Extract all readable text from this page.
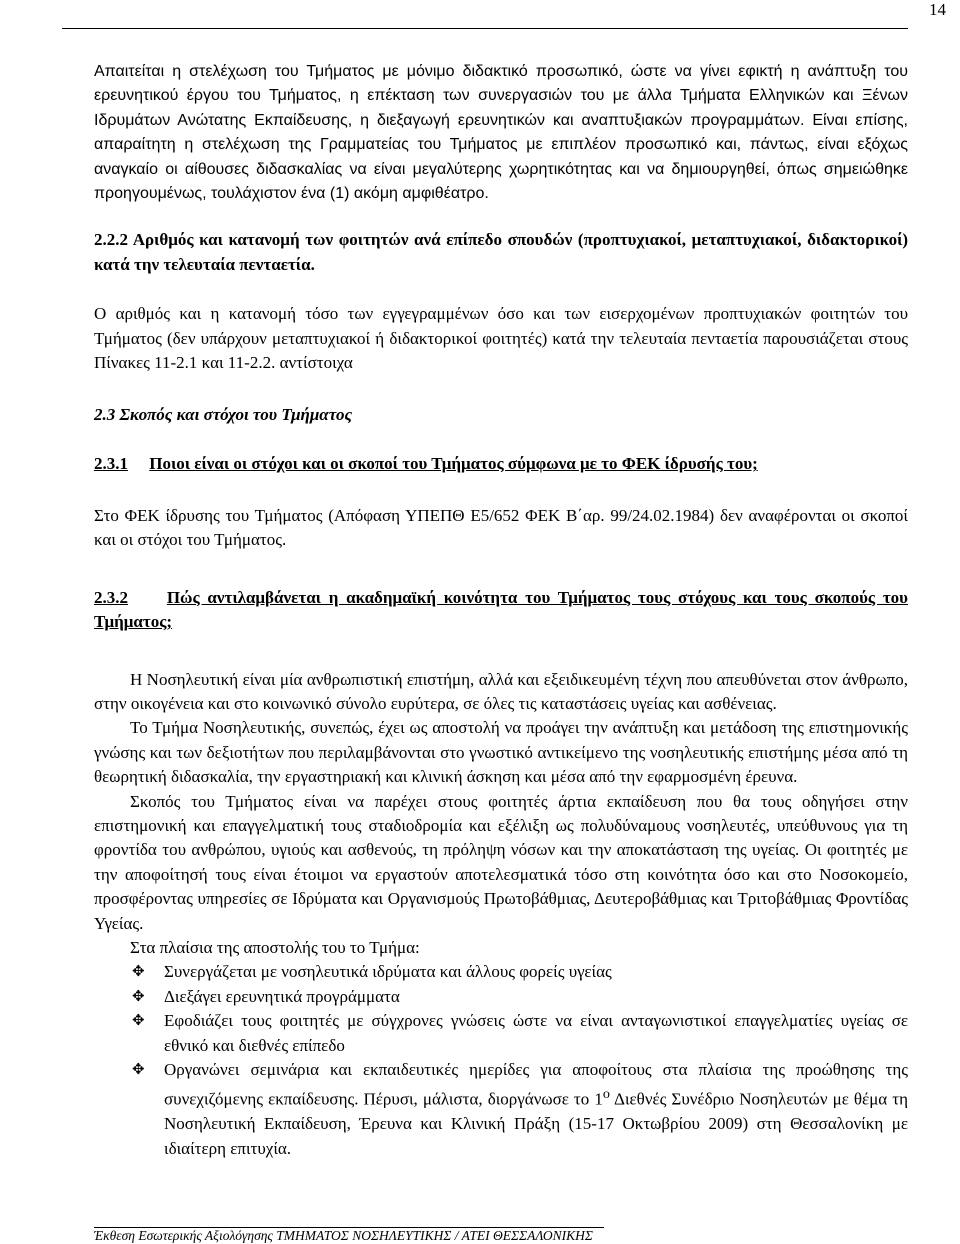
14

Απαιτείται η στελέχωση του Τμήματος με μόνιμο διδακτικό προσωπικό, ώστε να γίνει εφικτή η ανάπτυξη του ερευνητικού έργου του Τμήματος, η επέκταση των συνεργασιών του με άλλα Τμήματα Ελληνικών και Ξένων Ιδρυμάτων Ανώτατης Εκπαίδευσης, η διεξαγωγή ερευνητικών και αναπτυξιακών προγραμμάτων. Είναι επίσης, απαραίτητη η στελέχωση της Γραμματείας του Τμήματος με επιπλέον προσωπικό και, πάντως, είναι εξόχως αναγκαίο οι αίθουσες διδασκαλίας να είναι μεγαλύτερης χωρητικότητας και να δημιουργηθεί, όπως σημειώθηκε προηγουμένως, τουλάχιστον ένα (1) ακόμη αμφιθέατρο.

2.2.2 Αριθμός και κατανομή των φοιτητών ανά επίπεδο σπουδών (προπτυχιακοί, μεταπτυχιακοί, διδακτορικοί) κατά την τελευταία πενταετία.

Ο αριθμός και η κατανομή τόσο των εγγεγραμμένων όσο και των εισερχομένων προπτυχιακών φοιτητών του Τμήματος (δεν υπάρχουν μεταπτυχιακοί ή διδακτορικοί φοιτητές) κατά την τελευταία πενταετία παρουσιάζεται στους Πίνακες 11-2.1 και 11-2.2. αντίστοιχα

2.3 Σκοπός και στόχοι του Τμήματος

2.3.1 Ποιοι είναι οι στόχοι και οι σκοποί του Τμήματος σύμφωνα με το ΦΕΚ ίδρυσής του;

Στο ΦΕΚ ίδρυσης του Τμήματος (Απόφαση ΥΠΕΠΘ Ε5/652 ΦΕΚ Β΄αρ. 99/24.02.1984) δεν αναφέρονται οι σκοποί και οι στόχοι του Τμήματος.

2.3.2 Πώς αντιλαμβάνεται η ακαδημαϊκή κοινότητα του Τμήματος τους στόχους και τους σκοπούς του Τμήματος;

Η Νοσηλευτική είναι μία ανθρωπιστική επιστήμη, αλλά και εξειδικευμένη τέχνη που απευθύνεται στον άνθρωπο, στην οικογένεια και στο κοινωνικό σύνολο ευρύτερα, σε όλες τις καταστάσεις υγείας και ασθένειας.

Το Τμήμα Νοσηλευτικής, συνεπώς, έχει ως αποστολή να προάγει την ανάπτυξη και μετάδοση της επιστημονικής γνώσης και των δεξιοτήτων που περιλαμβάνονται στο γνωστικό αντικείμενο της νοσηλευτικής επιστήμης μέσα από τη θεωρητική διδασκαλία, την εργαστηριακή και κλινική άσκηση και μέσα από την εφαρμοσμένη έρευνα.

Σκοπός του Τμήματος είναι να παρέχει στους φοιτητές άρτια εκπαίδευση που θα τους οδηγήσει στην επιστημονική και επαγγελματική τους σταδιοδρομία και εξέλιξη ως πολυδύναμους νοσηλευτές, υπεύθυνους για τη φροντίδα του ανθρώπου, υγιούς και ασθενούς, τη πρόληψη νόσων και την αποκατάσταση της υγείας. Οι φοιτητές με την αποφοίτησή τους είναι έτοιμοι να εργαστούν αποτελεσματικά τόσο στη κοινότητα όσο και στο Νοσοκομείο, προσφέροντας υπηρεσίες σε Ιδρύματα και Οργανισμούς Πρωτοβάθμιας, Δευτεροβάθμιας και Τριτοβάθμιας Φροντίδας Υγείας.

Στα πλαίσια της αποστολής του το Τμήμα:

✥ Συνεργάζεται με νοσηλευτικά ιδρύματα και άλλους φορείς υγείας
✥ Διεξάγει ερευνητικά προγράμματα
✥ Εφοδιάζει τους φοιτητές με σύγχρονες γνώσεις ώστε να είναι ανταγωνιστικοί επαγγελματίες υγείας σε εθνικό και διεθνές επίπεδο
✥ Οργανώνει σεμινάρια και εκπαιδευτικές ημερίδες για αποφοίτους στα πλαίσια της προώθησης της συνεχιζόμενης εκπαίδευσης. Πέρυσι, μάλιστα, διοργάνωσε το $1^o$ Διεθνές Συνέδριο Νοσηλευτών με θέμα τη Νοσηλευτική Εκπαίδευση, Έρευνα και Κλινική Πράξη (15-17 Οκτωβρίου 2009) στη Θεσσαλονίκη με ιδιαίτερη επιτυχία.
Έκθεση Εσωτερικής Αξιολόγησης ΤΜΗΜΑΤΟΣ ΝΟΣΗΛΕΥΤΙΚΗΣ / ΑΤΕΙ ΘΕΣΣΑΛΟΝΙΚΗΣ
